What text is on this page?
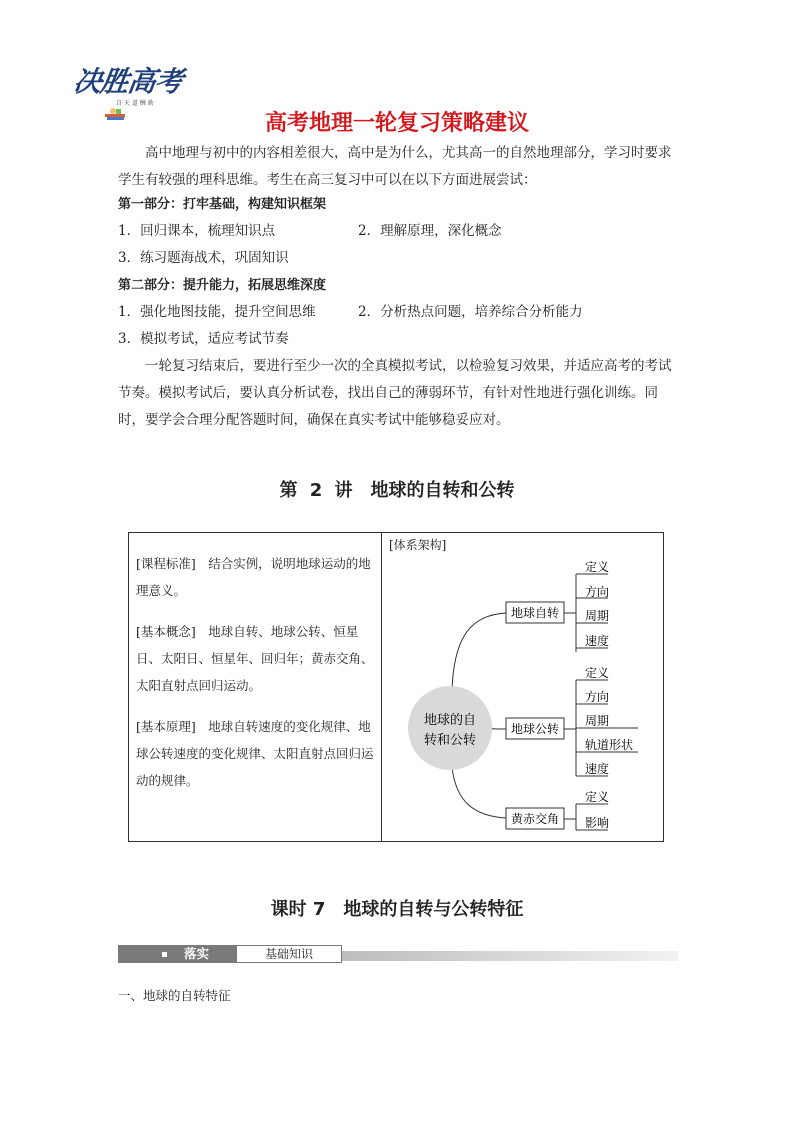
决胜高考
自 天 道 酬 勤
高考地理一轮复习策略建议

高中地理与初中的内容相差很大，高中是为什么，尤其高一的自然地理部分，学习时要求学生有较强的理科思维。考生在高三复习中可以在以下方面进展尝试：

第一部分：打牢基础，构建知识框架
1．回归课本，梳理知识点	2．理解原理，深化概念
3．练习题海战术，巩固知识
第二部分：提升能力，拓展思维深度
1．强化地图技能，提升空间思维	2．分析热点问题，培养综合分析能力
3．模拟考试，适应考试节奏

一轮复习结束后，要进行至少一次的全真模拟考试，以检验复习效果，并适应高考的考试节奏。模拟考试后，要认真分析试卷，找出自己的薄弱环节，有针对性地进行强化训练。同时，要学会合理分配答题时间，确保在真实考试中能够稳妥应对。

第 2 讲　地球的自转和公转

[课程标准]　结合实例，说明地球运动的地理意义。

[基本概念]　地球自转、地球公转、恒星日、太阳日、恒星年、回归年；黄赤交角、太阳直射点回归运动。

[基本原理]　地球自转速度的变化规律、地球公转速度的变化规律、太阳直射点回归运动的规律。

[体系架构]
地球的自
转和公转
地球自转
地球公转
黄赤交角
定义
方向
周期
速度
定义
方向
周期
轨道形状
速度
定义
影响
课时 7　地球的自转与公转特征
落实	基础知识
一、地球的自转特征
